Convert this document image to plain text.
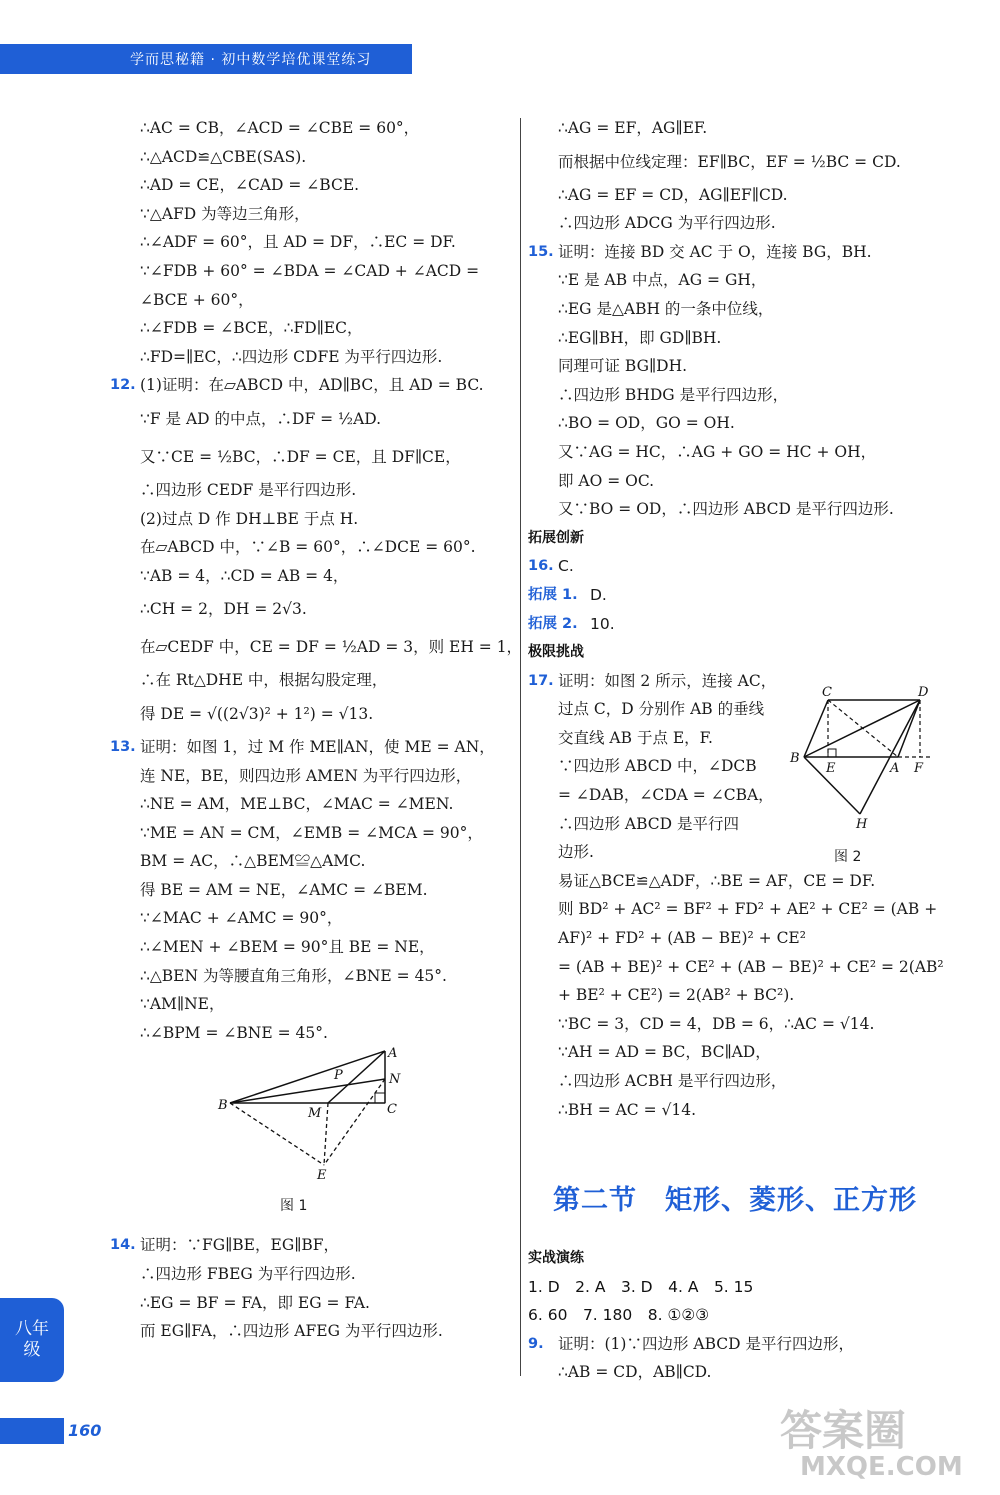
学而思秘籍 · 初中数学培优课堂练习
∴AC = CB，∠ACD = ∠CBE = 60°，
∴△ACD≌△CBE(SAS).
∴AD = CE，∠CAD = ∠BCE.
∵△AFD 为等边三角形，
∴∠ADF = 60°，且 AD = DF，∴EC = DF.
∵∠FDB + 60° = ∠BDA = ∠CAD + ∠ACD =
∠BCE + 60°，
∴∠FDB = ∠BCE，∴FD∥EC，
∴FD=∥EC，∴四边形 CDFE 为平行四边形.
12. (1)证明：在▱ABCD 中，AD∥BC，且 AD = BC.
∵F 是 AD 的中点，∴DF = ½AD.
又∵CE = ½BC，∴DF = CE，且 DF∥CE，
∴四边形 CEDF 是平行四边形.
(2)过点 D 作 DH⊥BE 于点 H.
在▱ABCD 中，∵∠B = 60°，∴∠DCE = 60°.
∵AB = 4，∴CD = AB = 4，
∴CH = 2，DH = 2√3.
在▱CEDF 中，CE = DF = ½AD = 3，则 EH = 1，
∴在 Rt△DHE 中，根据勾股定理，
得 DE = √((2√3)² + 1²) = √13.
13. 证明：如图 1，过 M 作 ME∥AN，使 ME = AN，
连 NE，BE，则四边形 AMEN 为平行四边形，
∴NE = AM，ME⊥BC，∠MAC = ∠MEN.
∵ME = AN = CM，∠EMB = ∠MCA = 90°，
BM = AC，∴△BEM≌△AMC.
得 BE = AM = NE，∠AMC = ∠BEM.
∵∠MAC + ∠AMC = 90°，
∴∠MEN + ∠BEM = 90°且 BE = NE，
∴△BEN 为等腰直角三角形，∠BNE = 45°.
∵AM∥NE，
∴∠BPM = ∠BNE = 45°.
A
B	C
M
N
P
E
图 1
14. 证明：∵FG∥BE，EG∥BF，
∴四边形 FBEG 为平行四边形.
∴EG = BF = FA，即 EG = FA.
而 EG∥FA，∴四边形 AFEG 为平行四边形.
∴AG = EF，AG∥EF.
而根据中位线定理：EF∥BC，EF = ½BC = CD.
∴AG = EF = CD，AG∥EF∥CD.
∴四边形 ADCG 为平行四边形.
15. 证明：连接 BD 交 AC 于 O，连接 BG，BH.
∵E 是 AB 中点，AG = GH，
∴EG 是△ABH 的一条中位线，
∴EG∥BH，即 GD∥BH.
同理可证 BG∥DH.
∴四边形 BHDG 是平行四边形，
∴BO = OD，GO = OH.
又∵AG = HC，∴AG + GO = HC + OH，
即 AO = OC.
又∵BO = OD，∴四边形 ABCD 是平行四边形.
拓展创新
16. C.
拓展 1. D.
拓展 2. 10.
极限挑战
17. 证明：如图 2 所示，连接 AC，
过点 C，D 分别作 AB 的垂线
交直线 AB 于点 E，F.
∵四边形 ABCD 中，∠DCB
= ∠DAB，∠CDA = ∠CBA，
∴四边形 ABCD 是平行四
边形.
易证△BCE≌△ADF，∴BE = AF，CE = DF.
则 BD² + AC² = BF² + FD² + AE² + CE² = (AB +
AF)² + FD² + (AB − BE)² + CE²
= (AB + BE)² + CE² + (AB − BE)² + CE² = 2(AB²
+ BE² + CE²) = 2(AB² + BC²).
∵BC = 3，CD = 4，DB = 6，∴AC = √14.
∵AH = AD = BC，BC∥AD，
∴四边形 ACBH 是平行四边形，
∴BH = AC = √14.
C	D
B
E	A F
H
图 2
第二节　矩形、菱形、正方形
实战演练
1. D　2. A　3. D　4. A　5. 15
6. 60　7. 180　8. ①②③
9. 证明：(1)∵四边形 ABCD 是平行四边形，
∴AB = CD，AB∥CD.
八年级
160	答案圈
MXQE.COM
